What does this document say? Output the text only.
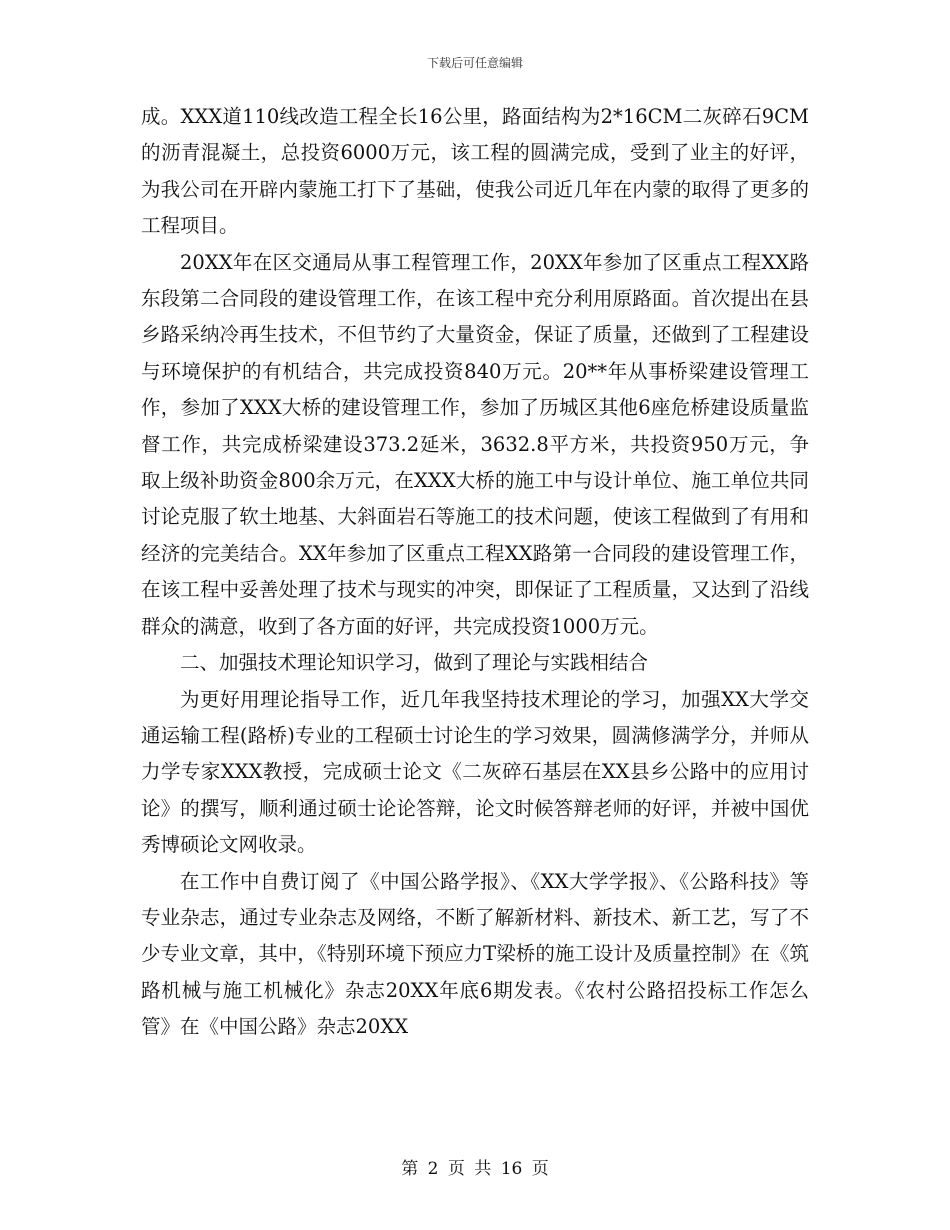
下载后可任意编辑

成。XXX道110线改造工程全长16公里，路面结构为2*16CM二灰碎石9CM的沥青混凝土，总投资6000万元，该工程的圆满完成，受到了业主的好评，为我公司在开辟内蒙施工打下了基础，使我公司近几年在内蒙的取得了更多的工程项目。

20XX年在区交通局从事工程管理工作，20XX年参加了区重点工程XX路东段第二合同段的建设管理工作，在该工程中充分利用原路面。首次提出在县乡路采纳冷再生技术，不但节约了大量资金，保证了质量，还做到了工程建设与环境保护的有机结合，共完成投资840万元。20**年从事桥梁建设管理工作，参加了XXX大桥的建设管理工作，参加了历城区其他6座危桥建设质量监督工作，共完成桥梁建设373.2延米，3632.8平方米，共投资950万元，争取上级补助资金800余万元，在XXX大桥的施工中与设计单位、施工单位共同讨论克服了软土地基、大斜面岩石等施工的技术问题，使该工程做到了有用和经济的完美结合。XX年参加了区重点工程XX路第一合同段的建设管理工作，在该工程中妥善处理了技术与现实的冲突，即保证了工程质量，又达到了沿线群众的满意，收到了各方面的好评，共完成投资1000万元。

二、加强技术理论知识学习，做到了理论与实践相结合

为更好用理论指导工作，近几年我坚持技术理论的学习，加强XX大学交通运输工程(路桥)专业的工程硕士讨论生的学习效果，圆满修满学分，并师从力学专家XXX教授，完成硕士论文《二灰碎石基层在XX县乡公路中的应用讨论》的撰写，顺利通过硕士论论答辩，论文时候答辩老师的好评，并被中国优秀博硕论文网收录。

在工作中自费订阅了《中国公路学报》、《XX大学学报》、《公路科技》等专业杂志，通过专业杂志及网络，不断了解新材料、新技术、新工艺，写了不少专业文章，其中，《特别环境下预应力T梁桥的施工设计及质量控制》在《筑路机械与施工机械化》杂志20XX年底6期发表。《农村公路招投标工作怎么管》在《中国公路》杂志20XX

第 2 页 共 16 页
